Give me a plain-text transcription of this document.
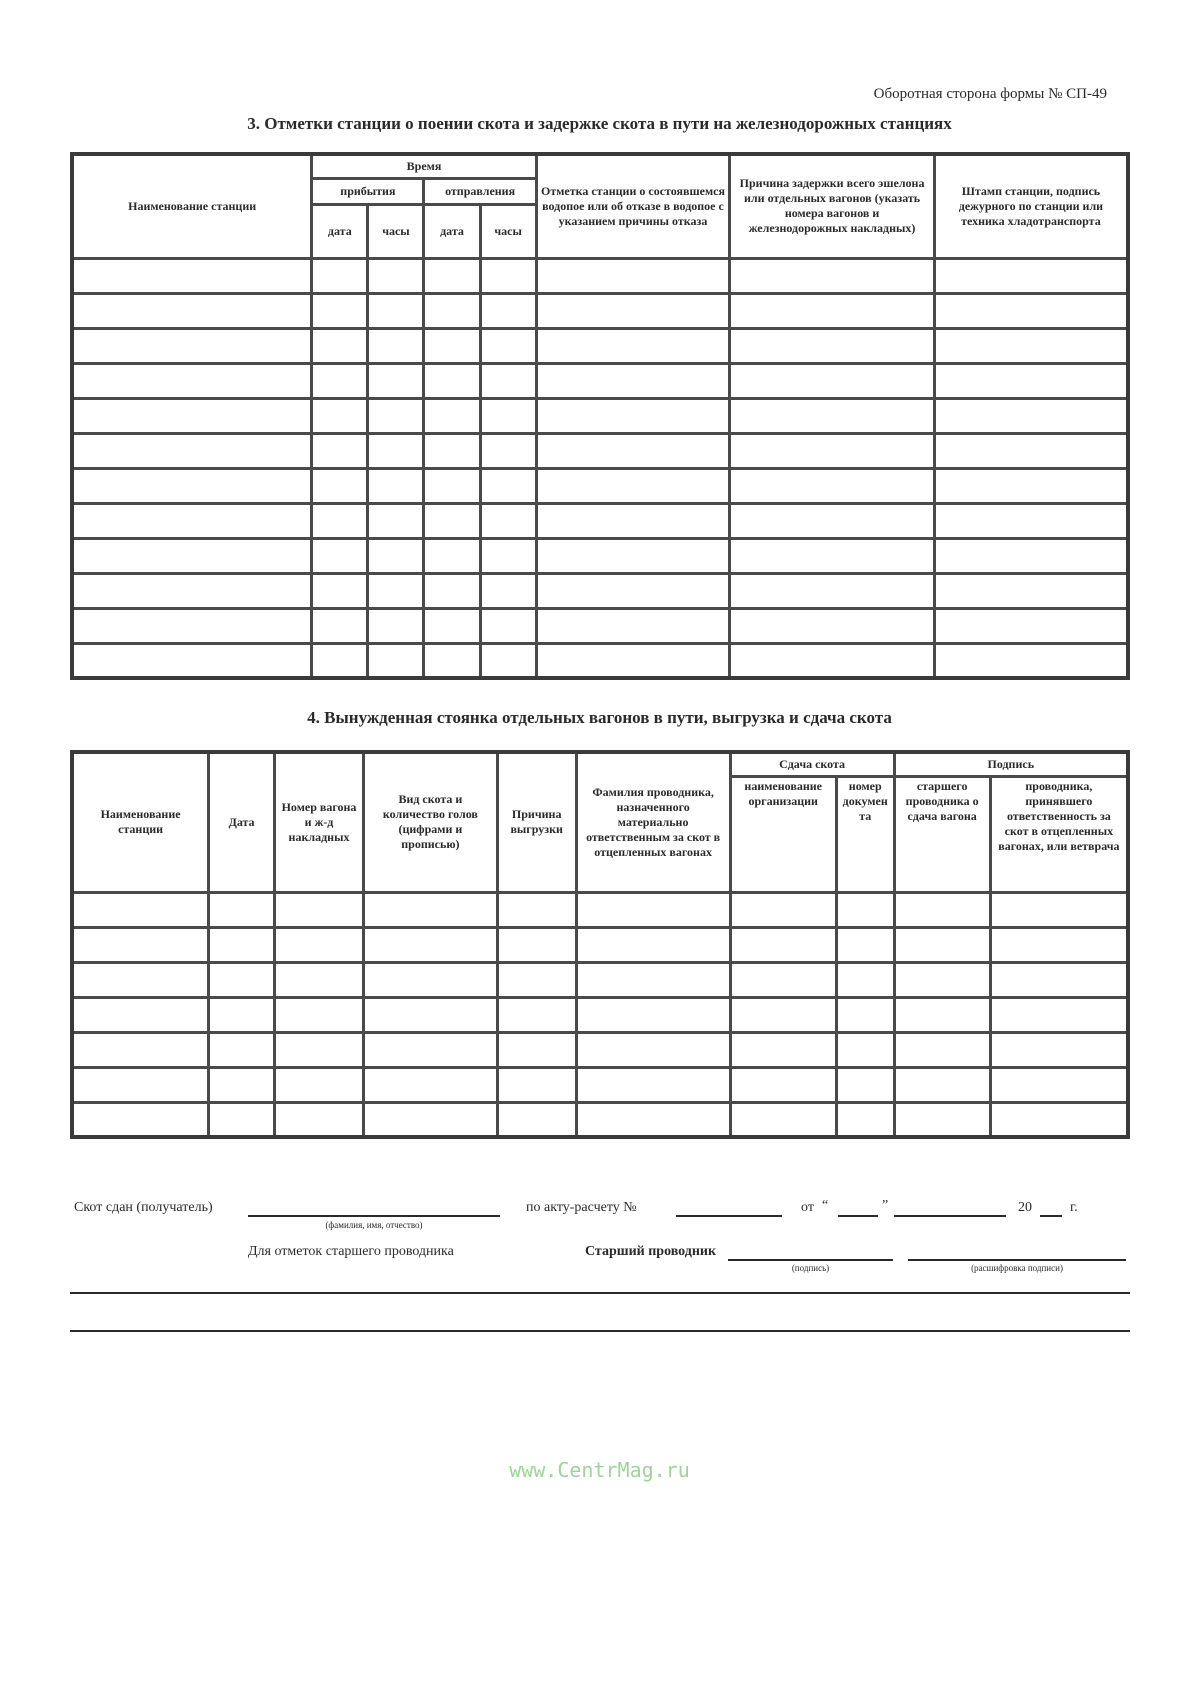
Оборотная сторона формы № СП-49
3. Отметки станции о поении скота и задержке скота в пути на железнодорожных станциях
Наименование станции	Время				Отметка станции о состоявшемся водопое или об отказе в водопое с указанием причины отказа	Причина задержки всего эшелона или отдельных вагонов (указать номера вагонов и железнодорожных накладных)	Штамп станции, подпись дежурного по станции или техника хладотранспорта
	прибытия		отправления				
	дата	часы	дата	часы			

4. Вынужденная стоянка отдельных вагонов в пути, выгрузка и сдача скота
Наименование станции	Дата	Номер вагона и ж-д накладных	Вид скота и количество голов (цифрами и прописью)	Причина выгрузки	Фамилия проводника, назначенного материально ответственным за скот в отцепленных вагонах	Сдача скота		Подпись	
						наименование организации	номер документа	старшего проводника о сдача вагона	проводника, принявшего ответственность за скот в отцепленных вагонах, или ветврача

Скот сдан (получатель)
(фамилия, имя, отчество)
по акту-расчету №	от “	”	20	г.
Для отметок старшего проводника	Старший проводник
(подпись)	(расшифровка подписи)
www.CentrMag.ru
